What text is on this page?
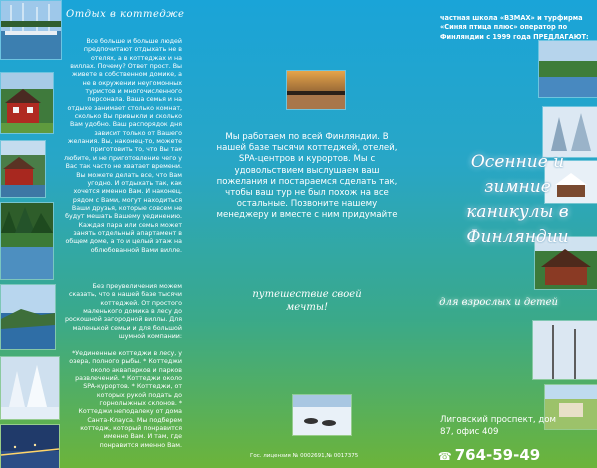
Отдых в коттедже

Все больше и больше людей предпочитают отдыхать не в отелях, а в коттеджах и на виллах. Почему? Ответ прост. Вы живете в собственном домике, а не в окружении неугомонных туристов и многочисленного персонала. Ваша семья и на отдыхе занимает столько комнат, сколько Вы привыкли и сколько Вам удобно. Ваш распорядок дня зависит только от Вашего желания. Вы, наконец-то, можете приготовить то, что Вы так любите, и не приготовление чего у Вас так часто не хватает времени. Вы можете делать все, что Вам угодно. И отдыхать так, как хочется именно Вам. И наконец, рядом с Вами, могут находиться Ваши друзья, которые совсем не будут мешать Вашему уединению. Каждая пара или семья может занять отдельный апартамент в общем доме, а то и целый этаж на облюбованной Вами вилле.

Без преувеличения можем сказать, что в нашей базе тысячи коттеджей. От простого маленького домика в лесу до роскошной загородной виллы. Для маленькой семьи и для большой шумной компании:

*Уединенные коттеджи в лесу, у озера, полного рыбы. * Коттеджи около аквапарков и парков развлечений. * Коттеджи около SPA-курортов. * Коттеджи, от которых рукой подать до горнолыжных склонов. * Коттеджи неподалеку от дома Санта-Клауса. Мы подберем коттедж, который понравится именно Вам. И там, где понравится именно Вам.

Мы работаем по всей Финляндии. В нашей базе тысячи коттеджей, отелей, SPA-центров и курортов. Мы с удовольствием выслушаем ваш пожелания и постараемся сделать так, чтобы ваш тур не был похож на все остальные. Позвоните нашему менеджеру и вместе с ним придумайте

путешествие своей мечты!

Гос. лицензия № 0002691,№ 0017375

частная школа «ВЗМАХ» и турфирма «Синяя птица плюс» оператор по Финляндии с 1999 года ПРЕДЛАГАЮТ:

Осенние и зимние каникулы в Финляндии

для взрослых и детей

Лиговский проспект, дом 87, офис 409

☎ 764-59-49
